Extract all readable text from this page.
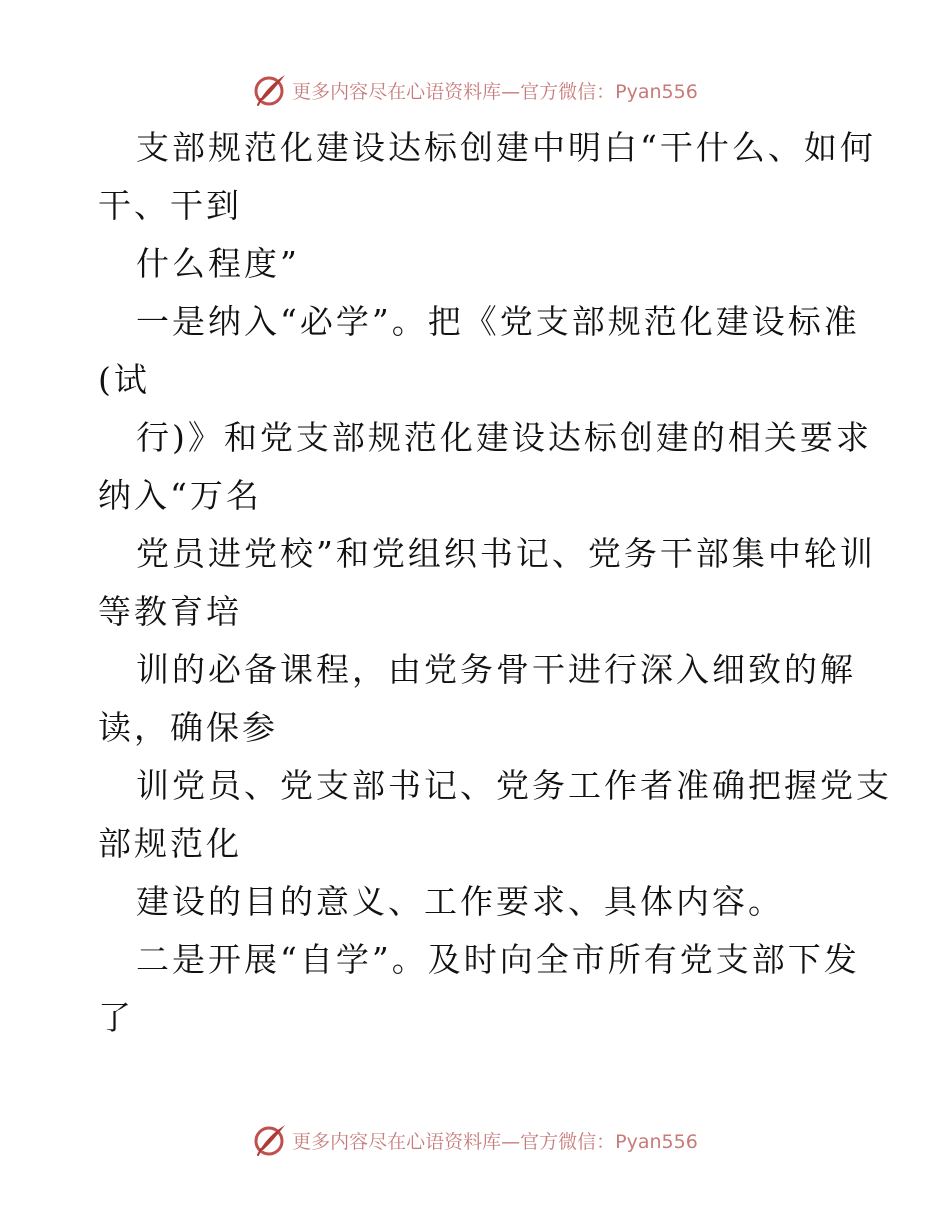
更多内容尽在心语资料库—官方微信：Pyan556
支部规范化建设达标创建中明白“干什么、如何
干、干到
什么程度”
一是纳入“必学”。把《党支部规范化建设标准
(试
行)》和党支部规范化建设达标创建的相关要求
纳入“万名
党员进党校”和党组织书记、党务干部集中轮训
等教育培
训的必备课程，由党务骨干进行深入细致的解
读，确保参
训党员、党支部书记、党务工作者准确把握党支
部规范化
建设的目的意义、工作要求、具体内容。
二是开展“自学”。及时向全市所有党支部下发
了
更多内容尽在心语资料库—官方微信：Pyan556
